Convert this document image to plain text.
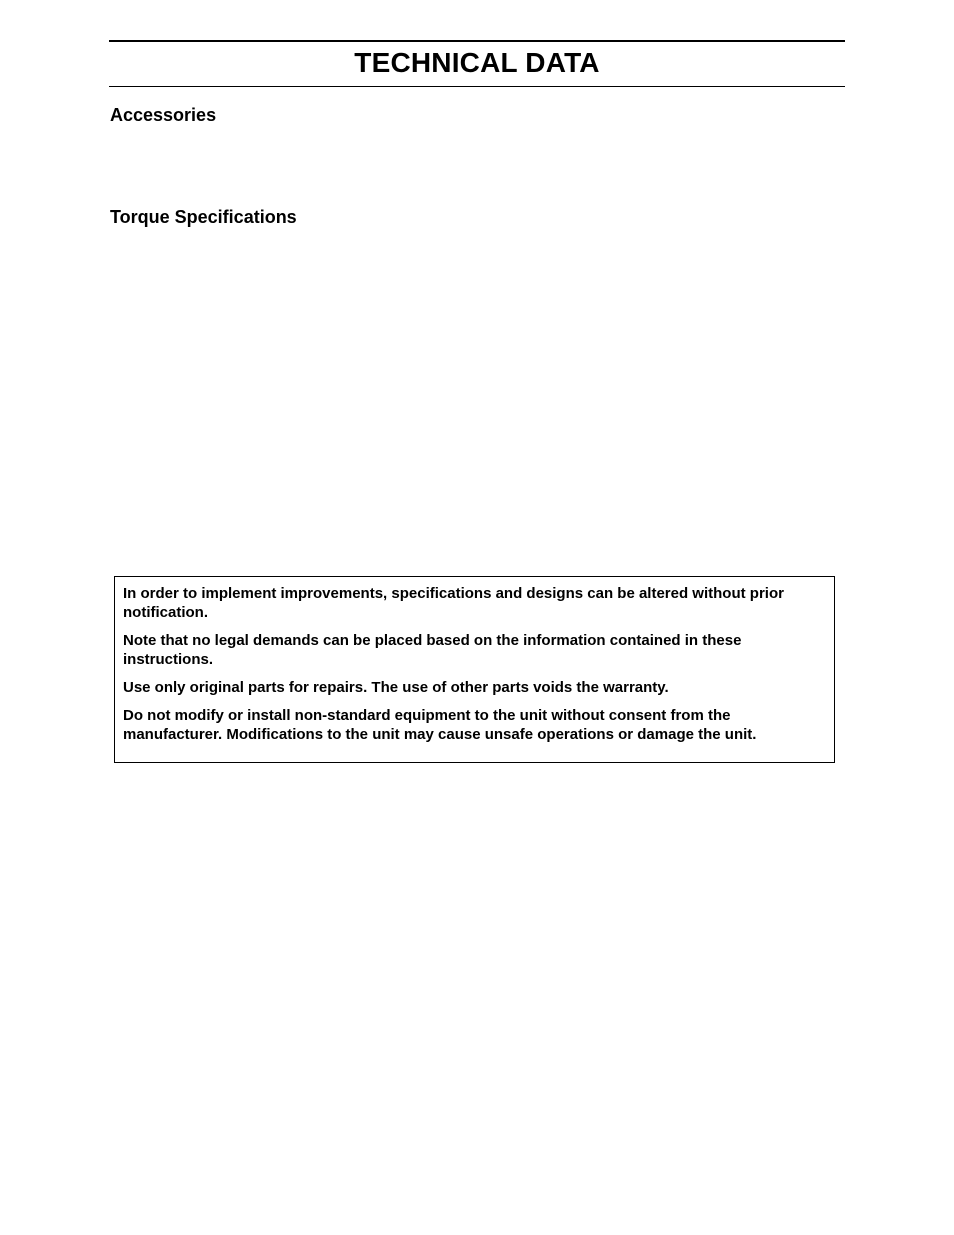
TECHNICAL DATA
Accessories
Torque Specifications

In order to implement improvements, specifications and designs can be altered without prior notification.

Note that no legal demands can be placed based on the information contained in these instructions.

Use only original parts for repairs. The use of other parts voids the warranty.

Do not modify or install non-standard equipment to the unit without consent from the manufacturer. Modifications to the unit may cause unsafe operations or damage the unit.
